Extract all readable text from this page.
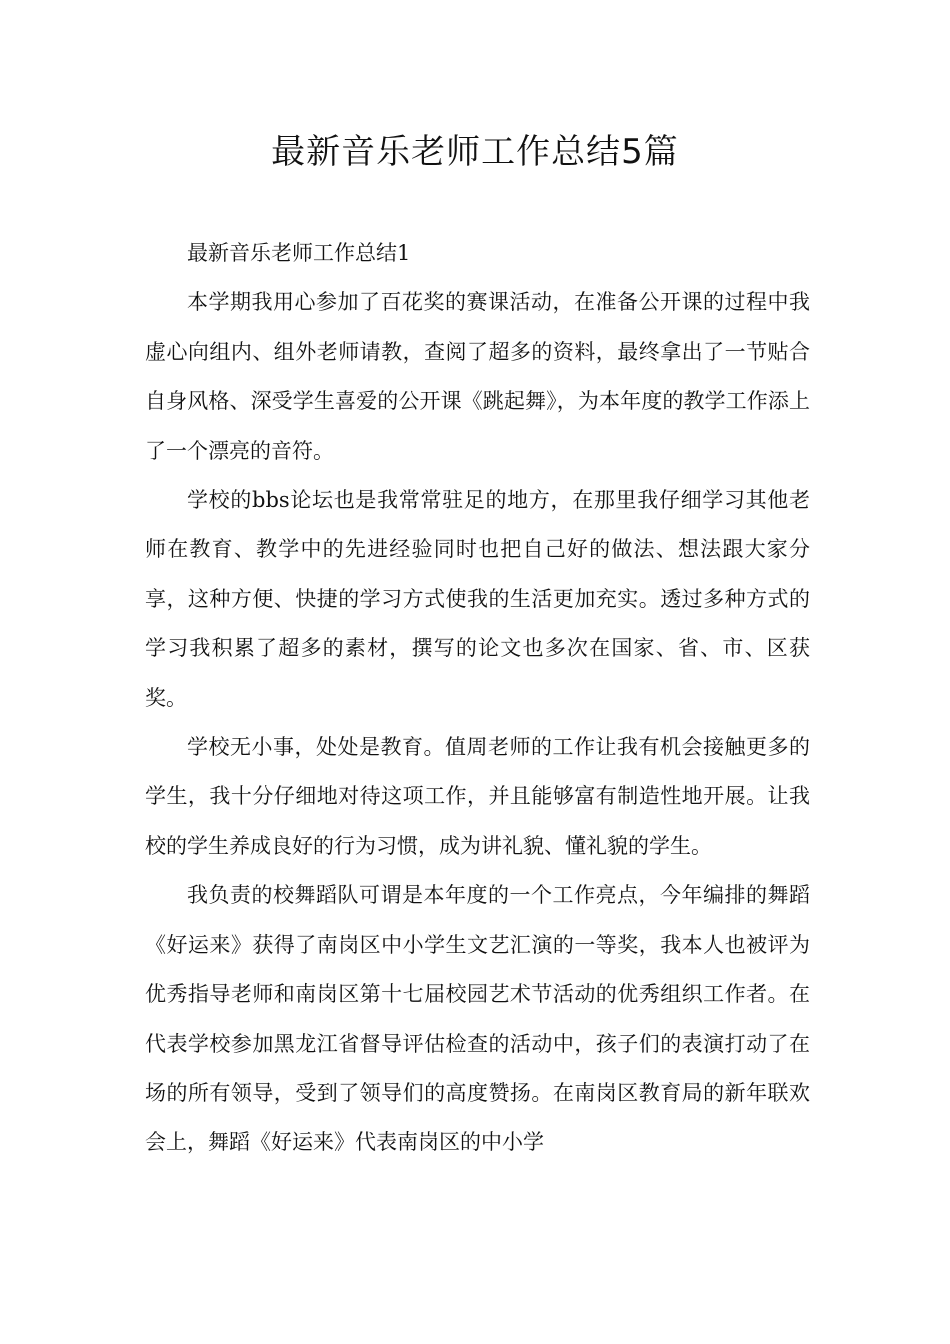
最新音乐老师工作总结5篇

最新音乐老师工作总结1

本学期我用心参加了百花奖的赛课活动，在准备公开课的过程中我虚心向组内、组外老师请教，查阅了超多的资料，最终拿出了一节贴合自身风格、深受学生喜爱的公开课《跳起舞》，为本年度的教学工作添上了一个漂亮的音符。

学校的bbs论坛也是我常常驻足的地方，在那里我仔细学习其他老师在教育、教学中的先进经验同时也把自己好的做法、想法跟大家分享，这种方便、快捷的学习方式使我的生活更加充实。透过多种方式的学习我积累了超多的素材，撰写的论文也多次在国家、省、市、区获奖。

学校无小事，处处是教育。值周老师的工作让我有机会接触更多的学生，我十分仔细地对待这项工作，并且能够富有制造性地开展。让我校的学生养成良好的行为习惯，成为讲礼貌、懂礼貌的学生。

我负责的校舞蹈队可谓是本年度的一个工作亮点，今年编排的舞蹈《好运来》获得了南岗区中小学生文艺汇演的一等奖，我本人也被评为优秀指导老师和南岗区第十七届校园艺术节活动的优秀组织工作者。在代表学校参加黑龙江省督导评估检查的活动中，孩子们的表演打动了在场的所有领导，受到了领导们的高度赞扬。在南岗区教育局的新年联欢会上，舞蹈《好运来》代表南岗区的中小学
